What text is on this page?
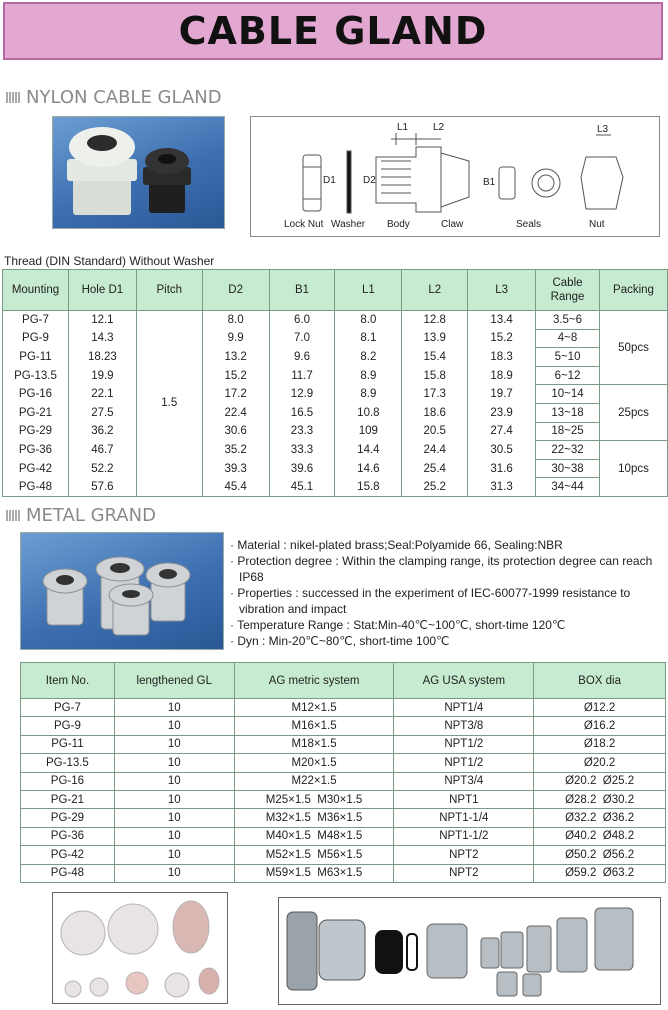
CABLE GLAND
NYLON CABLE GLAND
L1 L2	L3
D1	D2	B1
Lock Nut Washer Body	Claw	Seals	Nut
Thread (DIN Standard) Without Washer
Mounting	Hole D1	Pitch	D2	B1	L1	L2	L3	Cable Range	Packing
PG-7	12.1	1.5	8.0	6.0	8.0	12.8	13.4	3.5~6	50pcs
PG-9	14.3		9.9	7.0	8.1	13.9	15.2	4~8	
PG-11	18.23		13.2	9.6	8.2	15.4	18.3	5~10	
PG-13.5	19.9		15.2	11.7	8.9	15.8	18.9	6~12	
PG-16	22.1		17.2	12.9	8.9	17.3	19.7	10~14	25pcs
PG-21	27.5		22.4	16.5	10.8	18.6	23.9	13~18	
PG-29	36.2		30.6	23.3	109	20.5	27.4	18~25	
PG-36	46.7		35.2	33.3	14.4	24.4	30.5	22~32	10pcs
PG-42	52.2		39.3	39.6	14.6	25.4	31.6	30~38	
PG-48	57.6		45.4	45.1	15.8	25.2	31.3	34~44	
METAL GRAND
· Material : nikel-plated brass;Seal:Polyamide 66, Sealing:NBR
· Protection degree : Within the clamping range, its protection degree can reach IP68
· Properties : successed in the experiment of IEC-60077-1999 resistance to vibration and impact
· Temperature Range : Stat:Min-40℃~100℃, short-time 120℃
· Dyn : Min-20℃~80℃, short-time 100℃
Item No.	lengthened GL	AG metric system	AG USA system	BOX dia
PG-7	10	M12×1.5	NPT1/4	Ø12.2
PG-9	10	M16×1.5	NPT3/8	Ø16.2
PG-11	10	M18×1.5	NPT1/2	Ø18.2
PG-13.5	10	M20×1.5	NPT1/2	Ø20.2
PG-16	10	M22×1.5	NPT3/4	Ø20.2  Ø25.2
PG-21	10	M25×1.5  M30×1.5	NPT1	Ø28.2  Ø30.2
PG-29	10	M32×1.5  M36×1.5	NPT1-1/4	Ø32.2  Ø36.2
PG-36	10	M40×1.5  M48×1.5	NPT1-1/2	Ø40.2  Ø48.2
PG-42	10	M52×1.5  M56×1.5	NPT2	Ø50.2  Ø56.2
PG-48	10	M59×1.5  M63×1.5	NPT2	Ø59.2  Ø63.2
